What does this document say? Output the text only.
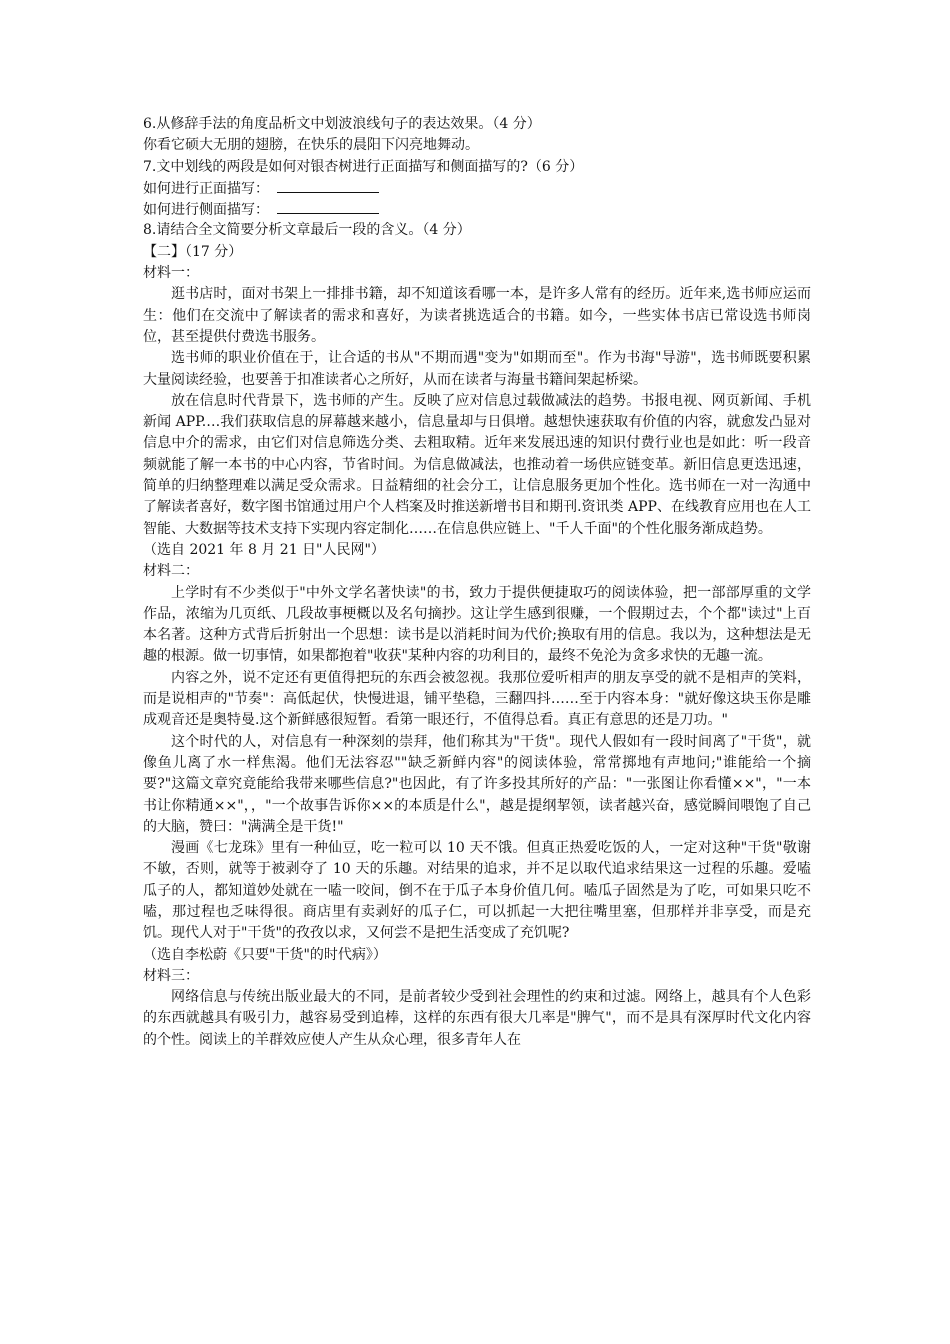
6.从修辞手法的角度品析文中划波浪线句子的表达效果。（4 分）
你看它硕大无朋的翅膀，在快乐的晨阳下闪亮地舞动。
7.文中划线的两段是如何对银杏树进行正面描写和侧面描写的?（6 分）
如何进行正面描写：
如何进行侧面描写：
8.请结合全文简要分析文章最后一段的含义。（4 分）
【二】（17 分）
材料一：

逛书店时，面对书架上一排排书籍，却不知道该看哪一本，是许多人常有的经历。近年来,选书师应运而生：他们在交流中了解读者的需求和喜好，为读者挑选适合的书籍。如今，一些实体书店已常设选书师岗位，甚至提供付费选书服务。

选书师的职业价值在于，让合适的书从"不期而遇"变为"如期而至"。作为书海"导游"，选书师既要积累大量阅读经验，也要善于扣准读者心之所好，从而在读者与海量书籍间架起桥梁。

放在信息时代背景下，选书师的产生。反映了应对信息过载做减法的趋势。书报电视、网页新闻、手机新闻 APP.…我们获取信息的屏幕越来越小，信息量却与日俱增。越想快速获取有价值的内容，就愈发凸显对信息中介的需求，由它们对信息筛选分类、去粗取精。近年来发展迅速的知识付费行业也是如此：听一段音频就能了解一本书的中心内容，节省时间。为信息做减法，也推动着一场供应链变革。新旧信息更迭迅速，简单的归纳整理难以满足受众需求。日益精细的社会分工，让信息服务更加个性化。选书师在一对一沟通中了解读者喜好，数字图书馆通过用户个人档案及时推送新增书目和期刊.资讯类 APP、在线教育应用也在人工智能、大数据等技术支持下实现内容定制化……在信息供应链上、"千人千面"的个性化服务渐成趋势。

（选自 2021 年 8 月 21 日"人民网"）
材料二：

上学时有不少类似于"中外文学名著快读"的书，致力于提供便捷取巧的阅读体验，把一部部厚重的文学作品，浓缩为几页纸、几段故事梗概以及名句摘抄。这让学生感到很赚，一个假期过去，个个都"读过"上百本名著。这种方式背后折射出一个思想：读书是以消耗时间为代价;换取有用的信息。我以为，这种想法是无趣的根源。做一切事情，如果都抱着"收获"某种内容的功利目的，最终不免沦为贪多求快的无趣一流。

内容之外，说不定还有更值得把玩的东西会被忽视。我那位爱听相声的朋友享受的就不是相声的笑料，而是说相声的"节奏"：高低起伏，快慢进退，铺平垫稳，三翻四抖……至于内容本身："就好像这块玉你是雕成观音还是奥特曼.这个新鲜感很短暂。看第一眼还行，不值得总看。真正有意思的还是刀功。"

这个时代的人，对信息有一种深刻的崇拜，他们称其为"干货"。现代人假如有一段时间离了"干货"，就像鱼儿离了水一样焦渴。他们无法容忍""缺乏新鲜内容"的阅读体验，常常掷地有声地问;"谁能给一个摘要?"这篇文章究竟能给我带来哪些信息?"也因此，有了许多投其所好的产品："一张图让你看懂××"，"一本书让你精通××"，，"一个故事告诉你××的本质是什么"，越是提纲挈领，读者越兴奋，感觉瞬间喂饱了自己的大脑，赞曰："满满全是干货!"

漫画《七龙珠》里有一种仙豆，吃一粒可以 10 天不饿。但真正热爱吃饭的人，一定对这种"干货"敬谢不敏，否则，就等于被剥夺了 10 天的乐趣。对结果的追求，并不足以取代追求结果这一过程的乐趣。爱嗑瓜子的人，都知道妙处就在一嗑一咬间，倒不在于瓜子本身价值几何。嗑瓜子固然是为了吃，可如果只吃不嗑，那过程也乏味得很。商店里有卖剥好的瓜子仁，可以抓起一大把往嘴里塞，但那样并非享受，而是充饥。现代人对于"干货"的孜孜以求，又何尝不是把生活变成了充饥呢?

（选自李松蔚《只要"干货"的时代病》）
材料三：

网络信息与传统出版业最大的不同，是前者较少受到社会理性的约束和过滤。网络上，越具有个人色彩的东西就越具有吸引力，越容易受到追棒，这样的东西有很大几率是"脾气"，而不是具有深厚时代文化内容的个性。阅读上的羊群效应使人产生从众心理，很多青年人在
